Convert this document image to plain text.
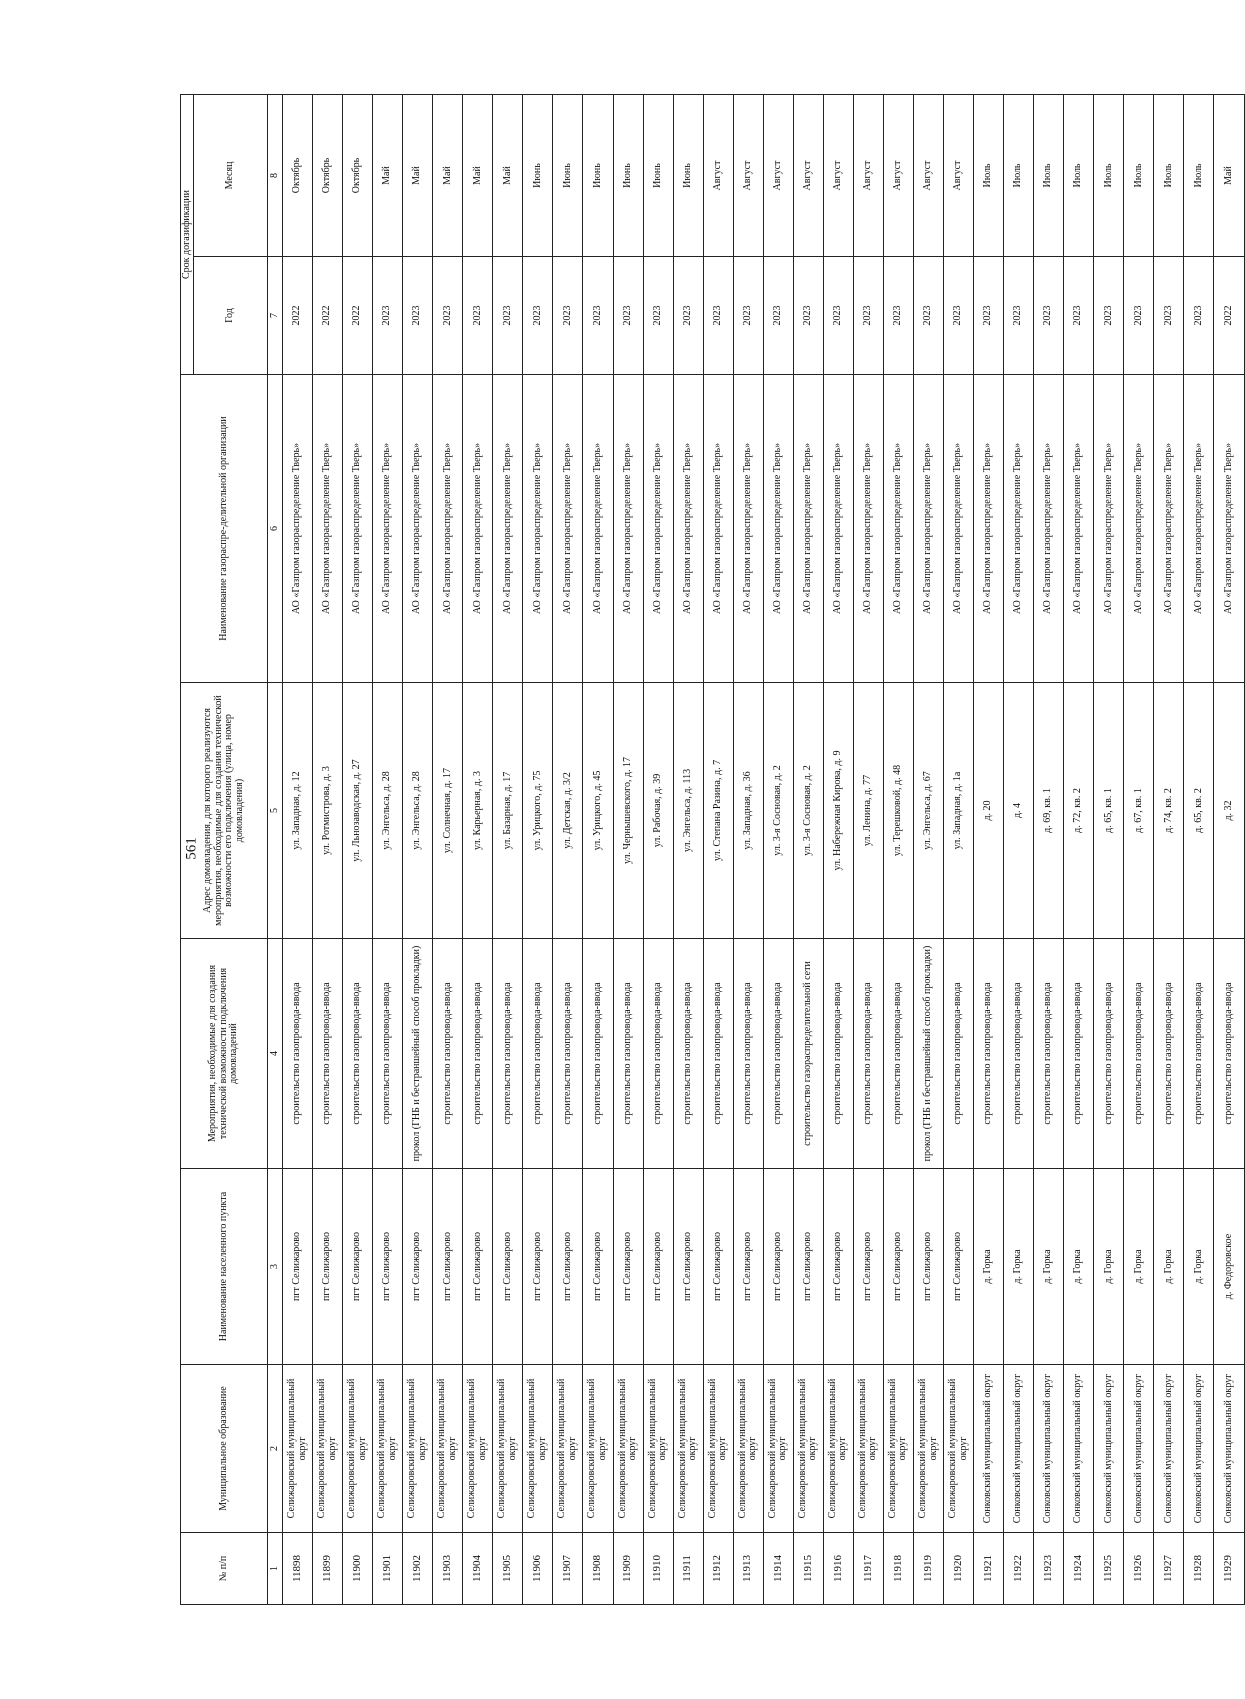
561
№ п/п	Муниципальное образование	Наименование населенного пункта	Мероприятия, необходимые для создания технической возможности подключения домовладений	Адрес домовладения, для которого реализуются мероприятия, необходимые для создания технической возможности его подключения (улица, номер домовладения)	Наименование газораспре-делительной организации	Срок догазификации	
						Год	Месяц
1	2	3	4	5	6	7	8
11898	Селижаровский муниципальный округ	пгт Селижарово	строительство газопровода-ввода	ул. Западная, д. 12	АО «Газпром газораспределение Тверь»	2022	Октябрь
11899	Селижаровский муниципальный округ	пгт Селижарово	строительство газопровода-ввода	ул. Ротмистрова, д. 3	АО «Газпром газораспределение Тверь»	2022	Октябрь
11900	Селижаровский муниципальный округ	пгт Селижарово	строительство газопровода-ввода	ул. Льнозаводская, д. 27	АО «Газпром газораспределение Тверь»	2022	Октябрь
11901	Селижаровский муниципальный округ	пгт Селижарово	строительство газопровода-ввода	ул. Энгельса, д. 28	АО «Газпром газораспределение Тверь»	2023	Май
11902	Селижаровский муниципальный округ	пгт Селижарово	прокол (ГНБ и бестраншейный способ прокладки)	ул. Энгельса, д. 28	АО «Газпром газораспределение Тверь»	2023	Май
11903	Селижаровский муниципальный округ	пгт Селижарово	строительство газопровода-ввода	ул. Солнечная, д. 17	АО «Газпром газораспределение Тверь»	2023	Май
11904	Селижаровский муниципальный округ	пгт Селижарово	строительство газопровода-ввода	ул. Карьерная, д. 3	АО «Газпром газораспределение Тверь»	2023	Май
11905	Селижаровский муниципальный округ	пгт Селижарово	строительство газопровода-ввода	ул. Базарная, д. 17	АО «Газпром газораспределение Тверь»	2023	Май
11906	Селижаровский муниципальный округ	пгт Селижарово	строительство газопровода-ввода	ул. Урицкого, д. 75	АО «Газпром газораспределение Тверь»	2023	Июнь
11907	Селижаровский муниципальный округ	пгт Селижарово	строительство газопровода-ввода	ул. Детская, д. 3/2	АО «Газпром газораспределение Тверь»	2023	Июнь
11908	Селижаровский муниципальный округ	пгт Селижарово	строительство газопровода-ввода	ул. Урицкого, д. 45	АО «Газпром газораспределение Тверь»	2023	Июнь
11909	Селижаровский муниципальный округ	пгт Селижарово	строительство газопровода-ввода	ул. Чернышевского, д. 17	АО «Газпром газораспределение Тверь»	2023	Июнь
11910	Селижаровский муниципальный округ	пгт Селижарово	строительство газопровода-ввода	ул. Рабочая, д. 39	АО «Газпром газораспределение Тверь»	2023	Июнь
11911	Селижаровский муниципальный округ	пгт Селижарово	строительство газопровода-ввода	ул. Энгельса, д. 113	АО «Газпром газораспределение Тверь»	2023	Июнь
11912	Селижаровский муниципальный округ	пгт Селижарово	строительство газопровода-ввода	ул. Степана Разина, д. 7	АО «Газпром газораспределение Тверь»	2023	Август
11913	Селижаровский муниципальный округ	пгт Селижарово	строительство газопровода-ввода	ул. Западная, д. 36	АО «Газпром газораспределение Тверь»	2023	Август
11914	Селижаровский муниципальный округ	пгт Селижарово	строительство газопровода-ввода	ул. 3-я Сосновая, д. 2	АО «Газпром газораспределение Тверь»	2023	Август
11915	Селижаровский муниципальный округ	пгт Селижарово	строительство газораспределительной сети	ул. 3-я Сосновая, д. 2	АО «Газпром газораспределение Тверь»	2023	Август
11916	Селижаровский муниципальный округ	пгт Селижарово	строительство газопровода-ввода	ул. Набережная Кирова, д. 9	АО «Газпром газораспределение Тверь»	2023	Август
11917	Селижаровский муниципальный округ	пгт Селижарово	строительство газопровода-ввода	ул. Ленина, д. 77	АО «Газпром газораспределение Тверь»	2023	Август
11918	Селижаровский муниципальный округ	пгт Селижарово	строительство газопровода-ввода	ул. Терешковой, д. 48	АО «Газпром газораспределение Тверь»	2023	Август
11919	Селижаровский муниципальный округ	пгт Селижарово	прокол (ГНБ и бестраншейный способ прокладки)	ул. Энгельса, д. 67	АО «Газпром газораспределение Тверь»	2023	Август
11920	Селижаровский муниципальный округ	пгт Селижарово	строительство газопровода-ввода	ул. Западная, д. 1а	АО «Газпром газораспределение Тверь»	2023	Август
11921	Сонковский муниципальный округ	д. Горка	строительство газопровода-ввода	д. 20	АО «Газпром газораспределение Тверь»	2023	Июль
11922	Сонковский муниципальный округ	д. Горка	строительство газопровода-ввода	д. 4	АО «Газпром газораспределение Тверь»	2023	Июль
11923	Сонковский муниципальный округ	д. Горка	строительство газопровода-ввода	д. 69, кв. 1	АО «Газпром газораспределение Тверь»	2023	Июль
11924	Сонковский муниципальный округ	д. Горка	строительство газопровода-ввода	д. 72, кв. 2	АО «Газпром газораспределение Тверь»	2023	Июль
11925	Сонковский муниципальный округ	д. Горка	строительство газопровода-ввода	д. 65, кв. 1	АО «Газпром газораспределение Тверь»	2023	Июль
11926	Сонковский муниципальный округ	д. Горка	строительство газопровода-ввода	д. 67, кв. 1	АО «Газпром газораспределение Тверь»	2023	Июль
11927	Сонковский муниципальный округ	д. Горка	строительство газопровода-ввода	д. 74, кв. 2	АО «Газпром газораспределение Тверь»	2023	Июль
11928	Сонковский муниципальный округ	д. Горка	строительство газопровода-ввода	д. 65, кв. 2	АО «Газпром газораспределение Тверь»	2023	Июль
11929	Сонковский муниципальный округ	д. Федоровское	строительство газопровода-ввода	д. 32	АО «Газпром газораспределение Тверь»	2022	Май
